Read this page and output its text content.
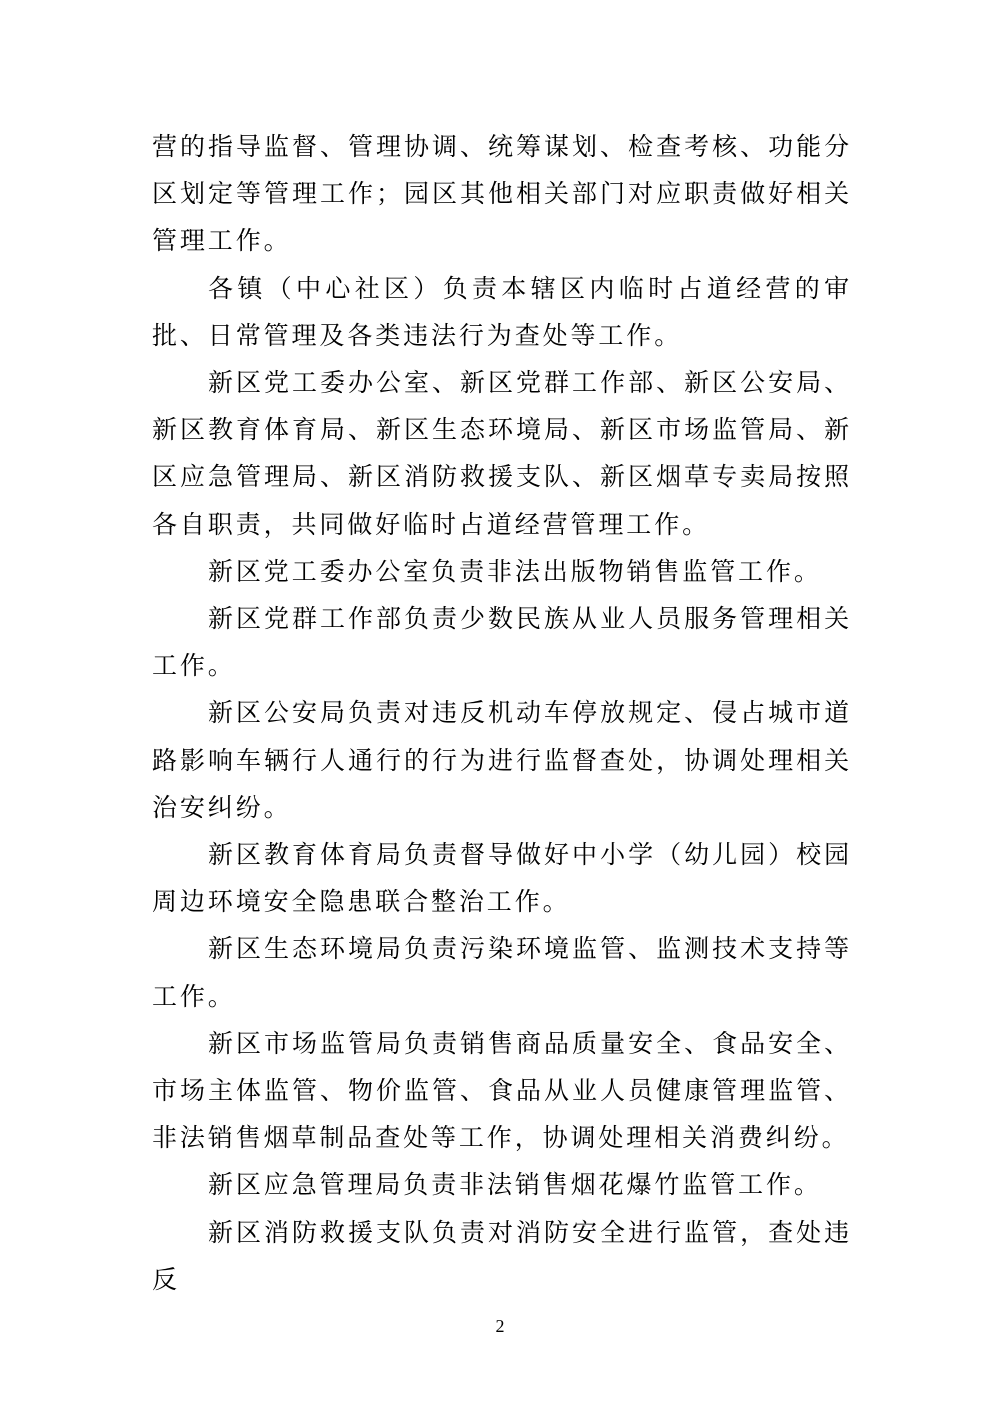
营的指导监督、管理协调、统筹谋划、检查考核、功能分区划定等管理工作；园区其他相关部门对应职责做好相关管理工作。

各镇（中心社区）负责本辖区内临时占道经营的审批、日常管理及各类违法行为查处等工作。

新区党工委办公室、新区党群工作部、新区公安局、新区教育体育局、新区生态环境局、新区市场监管局、新区应急管理局、新区消防救援支队、新区烟草专卖局按照各自职责，共同做好临时占道经营管理工作。

新区党工委办公室负责非法出版物销售监管工作。

新区党群工作部负责少数民族从业人员服务管理相关工作。

新区公安局负责对违反机动车停放规定、侵占城市道路影响车辆行人通行的行为进行监督查处，协调处理相关治安纠纷。

新区教育体育局负责督导做好中小学（幼儿园）校园周边环境安全隐患联合整治工作。

新区生态环境局负责污染环境监管、监测技术支持等工作。

新区市场监管局负责销售商品质量安全、食品安全、市场主体监管、物价监管、食品从业人员健康管理监管、非法销售烟草制品查处等工作，协调处理相关消费纠纷。

新区应急管理局负责非法销售烟花爆竹监管工作。

新区消防救援支队负责对消防安全进行监管，查处违反

2
